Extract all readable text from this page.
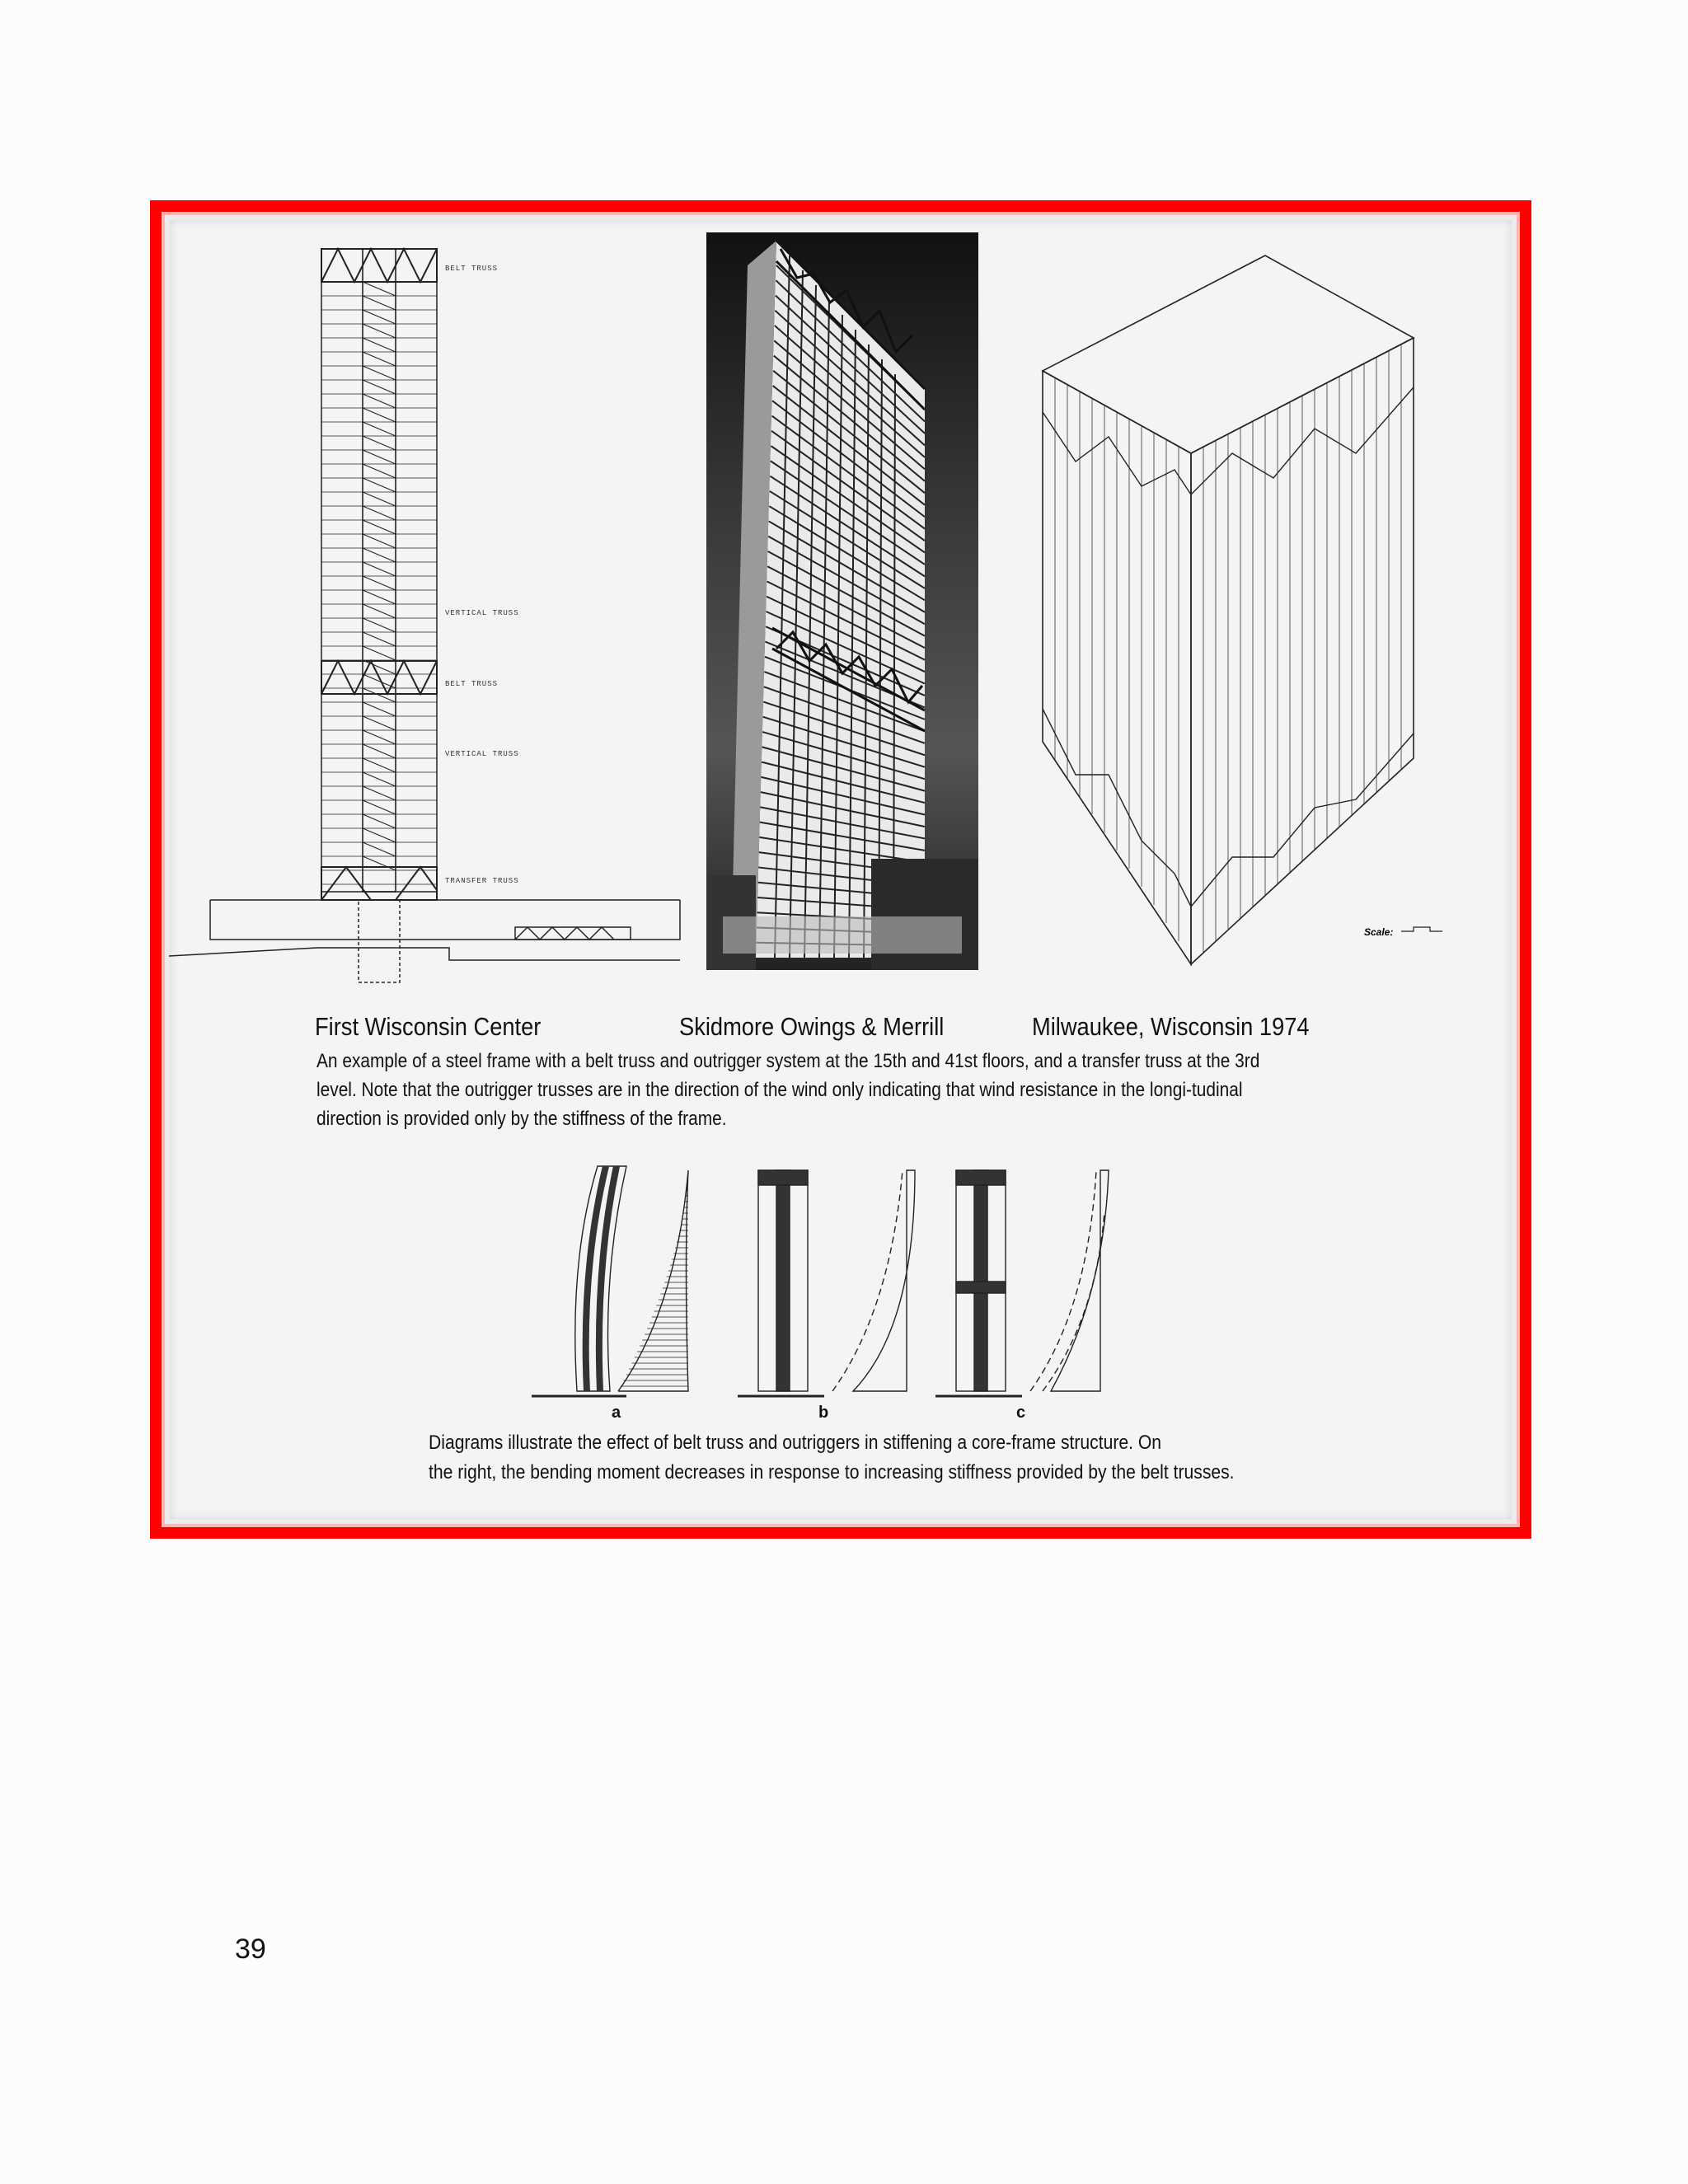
BELT TRUSS
VERTICAL TRUSS
BELT TRUSS
VERTICAL TRUSS
TRANSFER TRUSS
Scale:
First Wisconsin Center	Skidmore Owings & Merrill	Milwaukee, Wisconsin 1974
An example of a steel frame with a belt truss and outrigger system at the 15th and 41st floors, and a transfer truss at the 3rd level. Note that the outrigger trusses are in the direction of the wind only indicating that wind resistance in the longi-tudinal direction is provided only by the stiffness of the frame.
a	b	c
Diagrams illustrate the effect of belt truss and outriggers in stiffening a core-frame structure. On
the right, the bending moment decreases in response to increasing stiffness provided by the belt trusses.
39
